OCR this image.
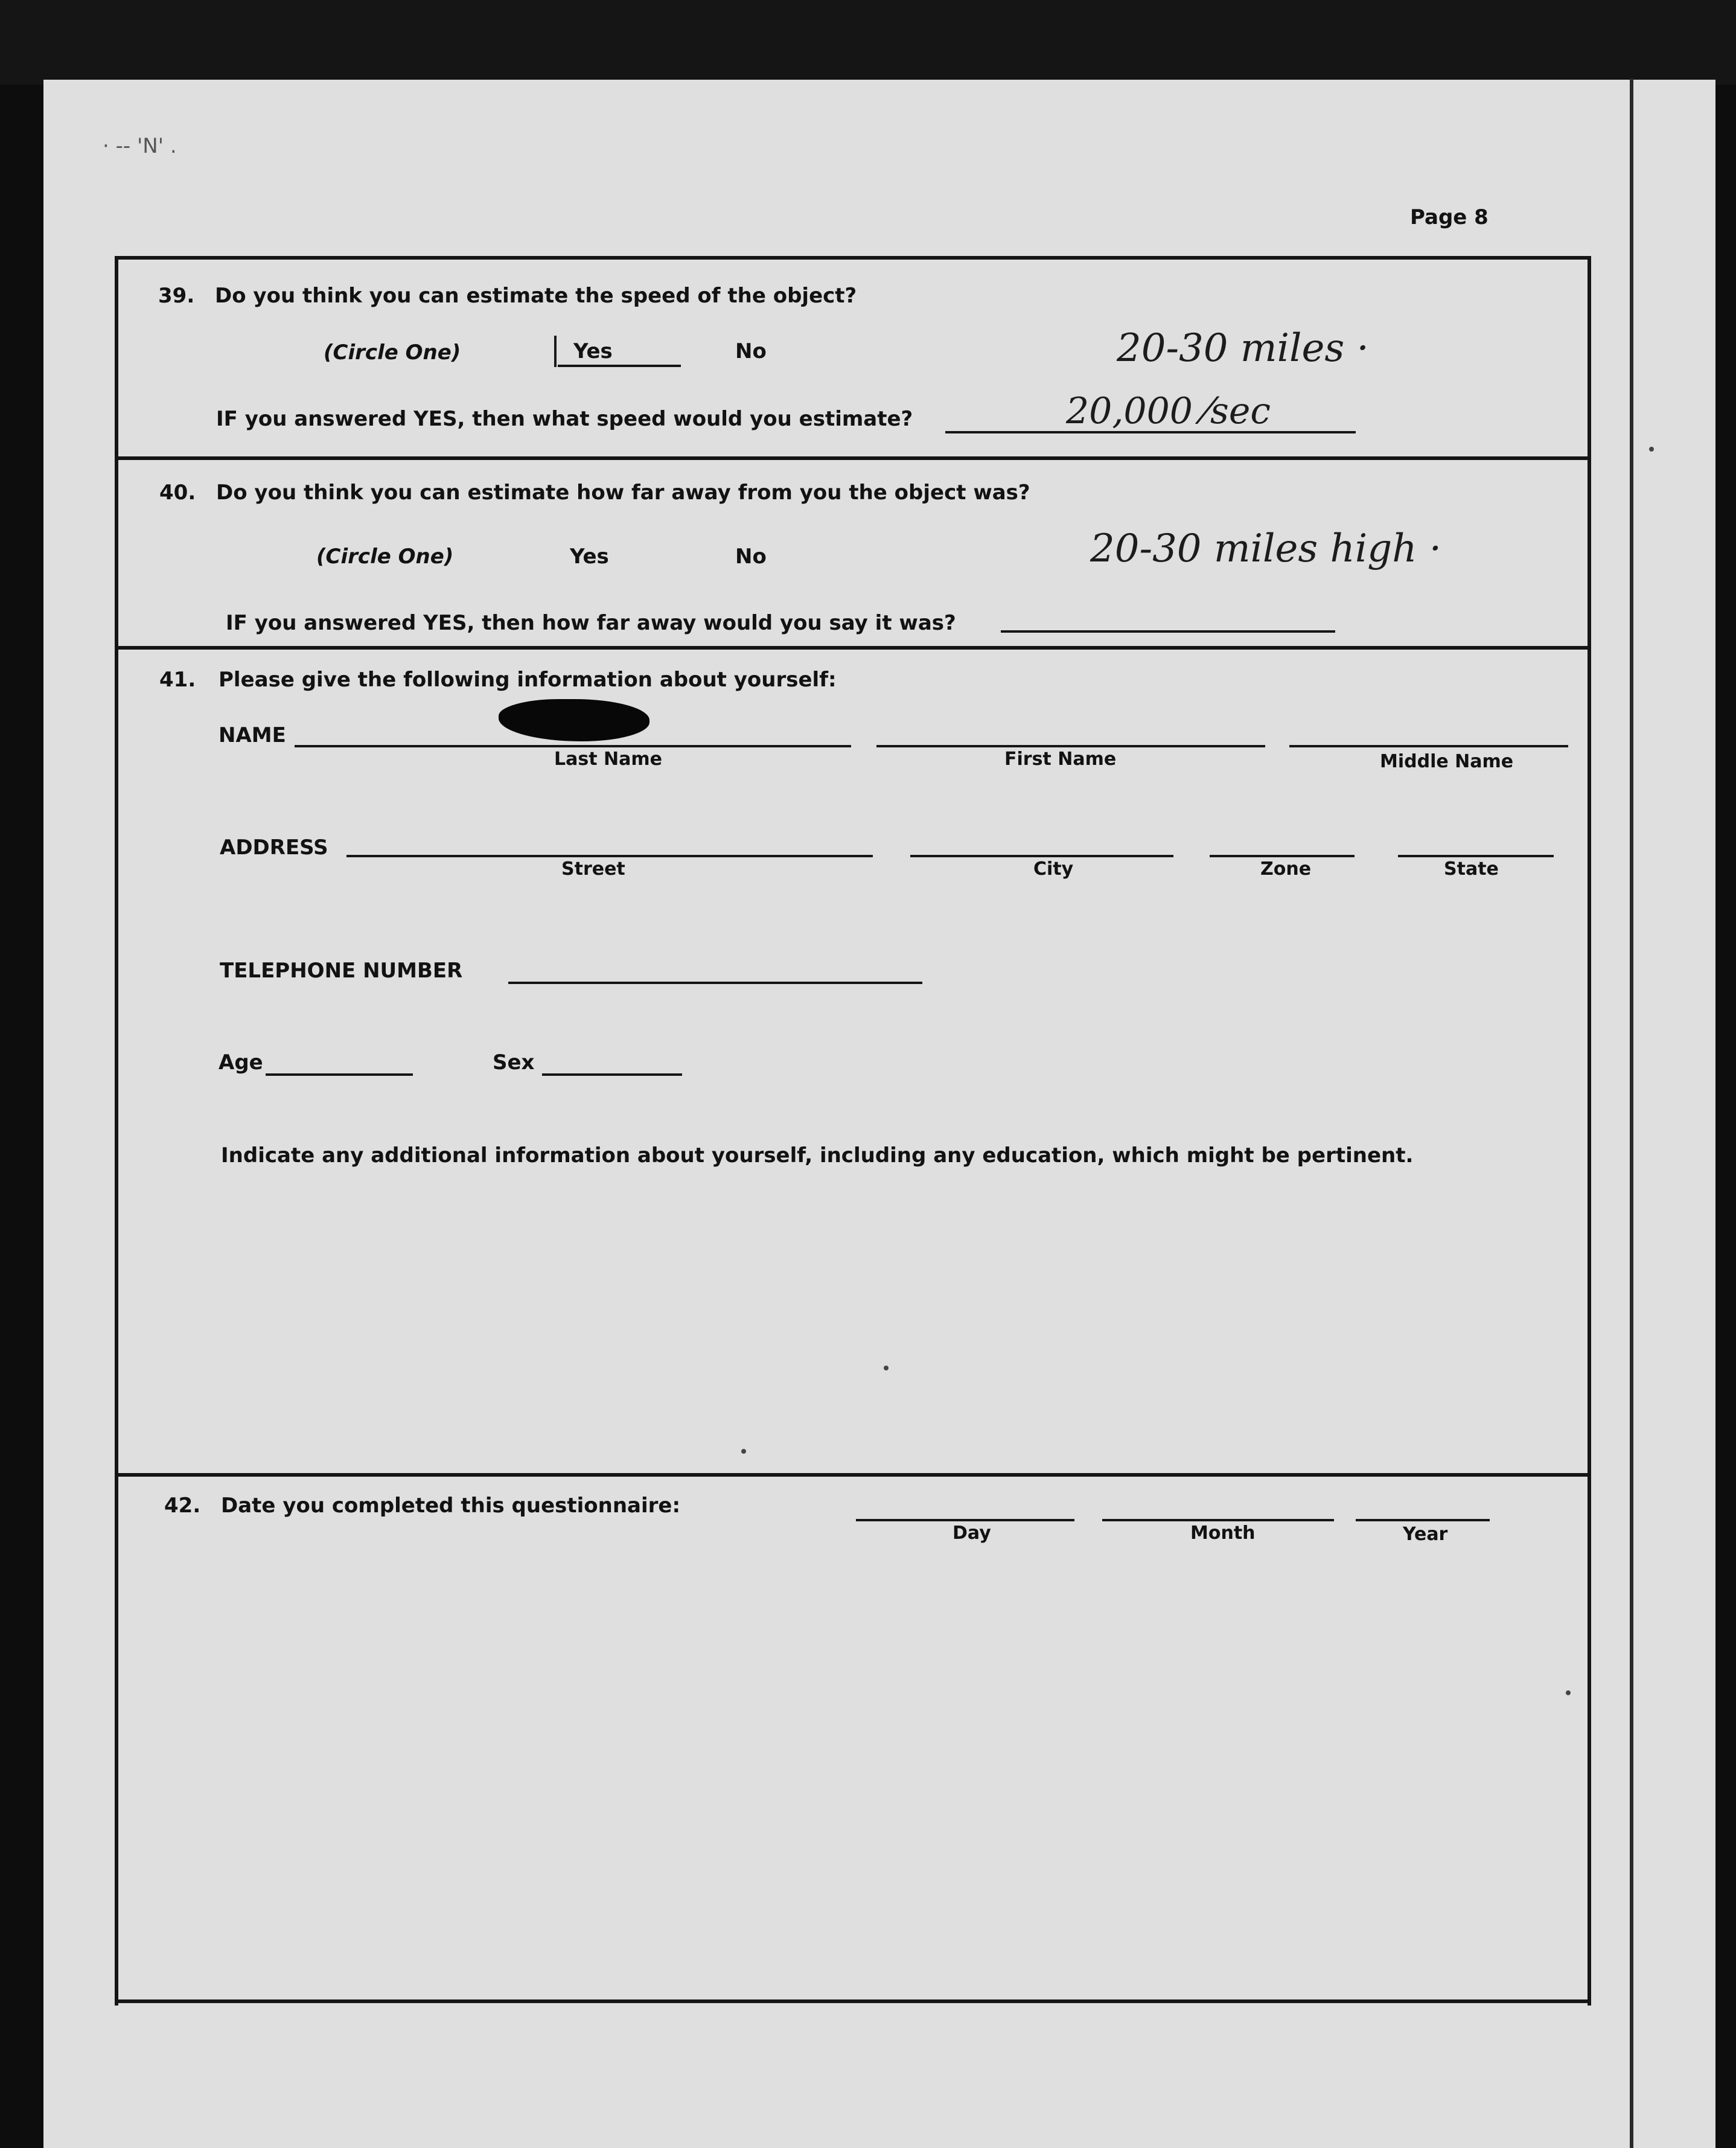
· -- 'N' .
Page 8
39. Do you think you can estimate the speed of the object?
(Circle One)	Yes	No	20-30 miles ·
IF you answered YES, then what speed would you estimate?	20,000 ⁄sec
40. Do you think you can estimate how far away from you the object was?
(Circle One)	Yes	No	20-30 miles high ·
IF you answered YES, then how far away would you say it was?
41. Please give the following information about yourself:
NAME
Last Name	First Name	Middle Name
ADDRESS
Street	City	Zone	State
TELEPHONE NUMBER
Age	Sex
Indicate any additional information about yourself, including any education, which might be pertinent.
42. Date you completed this questionnaire:
Day	Month	Year
